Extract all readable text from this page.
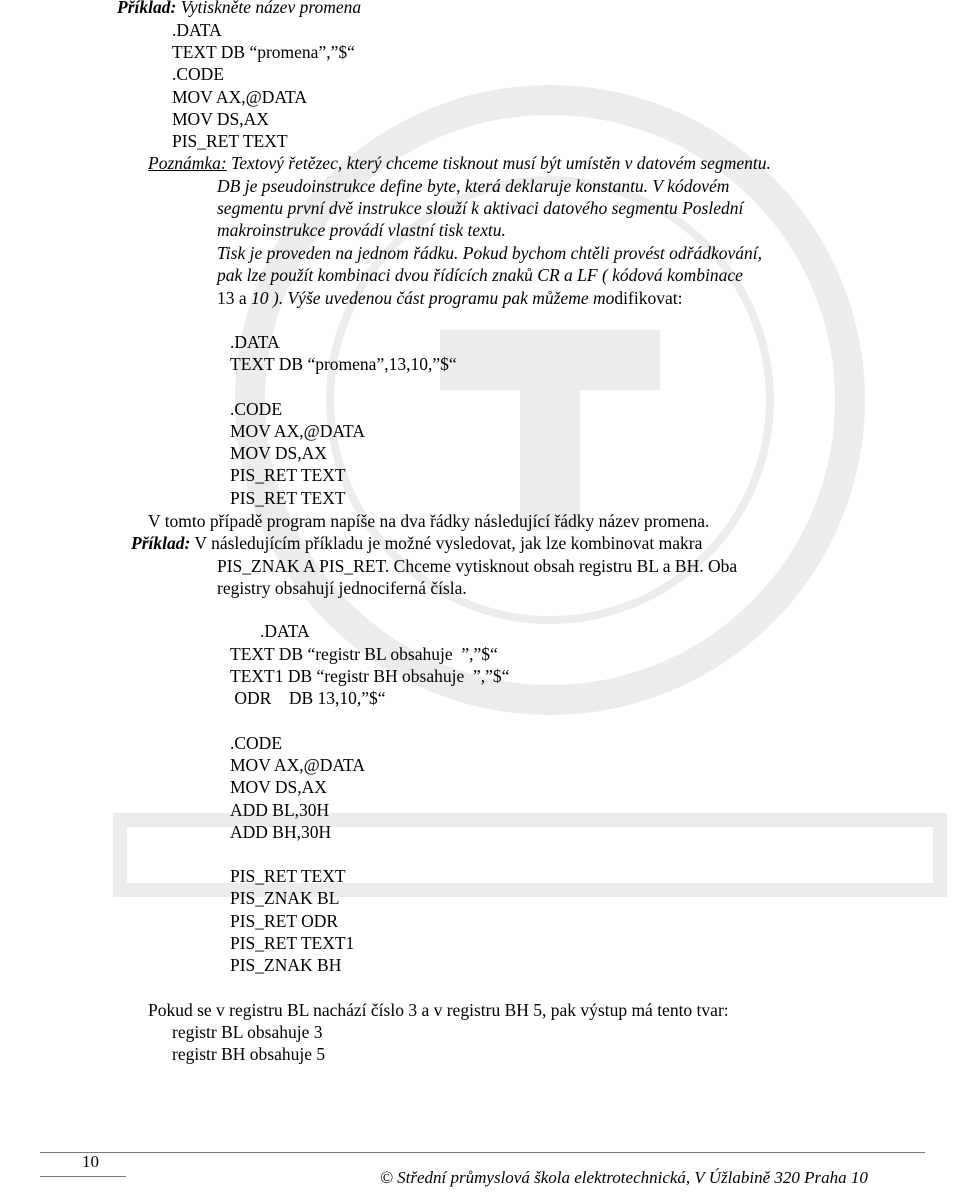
Příklad: Vytiskněte název promena
.DATA
TEXT DB “promena”,”$“
.CODE
MOV AX,@DATA
MOV DS,AX
PIS_RET TEXT
Poznámka: Textový řetězec, který chceme tisknout musí být umístěn v datovém segmentu.
DB je pseudoinstrukce define byte, která deklaruje konstantu. V kódovém
segmentu první dvě instrukce slouží k aktivaci datového segmentu Poslední
makroinstrukce provádí vlastní tisk textu.
Tisk je proveden na jednom řádku. Pokud bychom chtěli provést odřádkování,
pak lze použít kombinaci dvou řídících znaků CR a LF ( kódová kombinace
13 a 10 ). Výše uvedenou část programu pak můžeme modifikovat:
.DATA
TEXT DB “promena”,13,10,”$“
.CODE
MOV AX,@DATA
MOV DS,AX
PIS_RET TEXT
PIS_RET TEXT
V tomto případě program napíše na dva řádky následující řádky název promena.
Příklad: V následujícím příkladu je možné vysledovat, jak lze kombinovat makra
PIS_ZNAK A PIS_RET. Chceme vytisknout obsah registru BL a BH. Oba
registry obsahují jednociferná čísla.
.DATA
TEXT DB “registr BL obsahuje  ”,”$“
TEXT1 DB “registr BH obsahuje  ”,”$“
ODR    DB 13,10,”$“
.CODE
MOV AX,@DATA
MOV DS,AX
ADD BL,30H
ADD BH,30H
PIS_RET TEXT
PIS_ZNAK BL
PIS_RET ODR
PIS_RET TEXT1
PIS_ZNAK BH
Pokud se v registru BL nachází číslo 3 a v registru BH 5, pak výstup má tento tvar:
registr BL obsahuje 3
registr BH obsahuje 5
10
© Střední průmyslová škola elektrotechnická, V Úžlabině 320 Praha 10
